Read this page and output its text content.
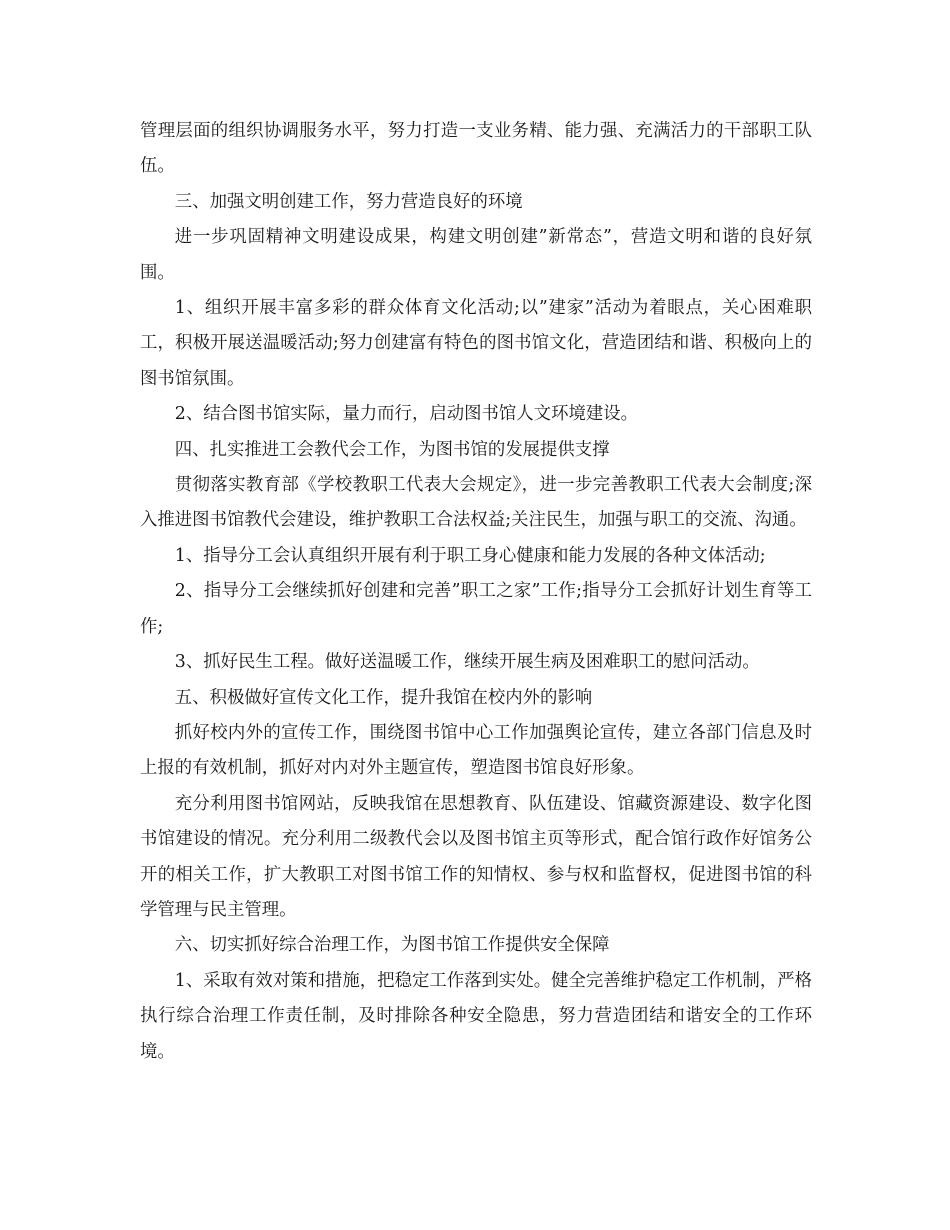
管理层面的组织协调服务水平，努力打造一支业务精、能力强、充满活力的干部职工队伍。

三、加强文明创建工作，努力营造良好的环境

进一步巩固精神文明建设成果，构建文明创建”新常态”，营造文明和谐的良好氛围。

1、组织开展丰富多彩的群众体育文化活动;以”建家”活动为着眼点，关心困难职工，积极开展送温暖活动;努力创建富有特色的图书馆文化，营造团结和谐、积极向上的图书馆氛围。

2、结合图书馆实际，量力而行，启动图书馆人文环境建设。

四、扎实推进工会教代会工作，为图书馆的发展提供支撑

贯彻落实教育部《学校教职工代表大会规定》，进一步完善教职工代表大会制度;深入推进图书馆教代会建设，维护教职工合法权益;关注民生，加强与职工的交流、沟通。

1、指导分工会认真组织开展有利于职工身心健康和能力发展的各种文体活动;

2、指导分工会继续抓好创建和完善”职工之家”工作;指导分工会抓好计划生育等工作;

3、抓好民生工程。做好送温暖工作，继续开展生病及困难职工的慰问活动。

五、积极做好宣传文化工作，提升我馆在校内外的影响

抓好校内外的宣传工作，围绕图书馆中心工作加强舆论宣传，建立各部门信息及时上报的有效机制，抓好对内对外主题宣传，塑造图书馆良好形象。

充分利用图书馆网站，反映我馆在思想教育、队伍建设、馆藏资源建设、数字化图书馆建设的情况。充分利用二级教代会以及图书馆主页等形式，配合馆行政作好馆务公开的相关工作，扩大教职工对图书馆工作的知情权、参与权和监督权，促进图书馆的科学管理与民主管理。

六、切实抓好综合治理工作，为图书馆工作提供安全保障

1、采取有效对策和措施，把稳定工作落到实处。健全完善维护稳定工作机制，严格执行综合治理工作责任制，及时排除各种安全隐患，努力营造团结和谐安全的工作环境。
